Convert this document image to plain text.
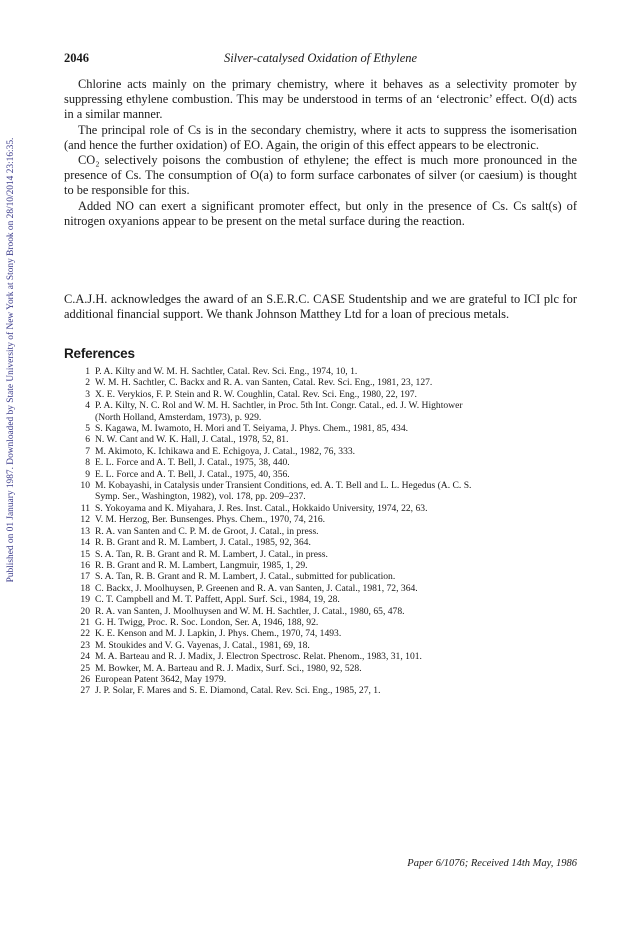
Published on 01 January 1987. Downloaded by State University of New York at Stony Brook on 28/10/2014 23:16:35.
2046	Silver-catalysed Oxidation of Ethylene

Chlorine acts mainly on the primary chemistry, where it behaves as a selectivity promoter by suppressing ethylene combustion. This may be understood in terms of an ‘electronic’ effect. O(d) acts in a similar manner.

The principal role of Cs is in the secondary chemistry, where it acts to suppress the isomerisation (and hence the further oxidation) of EO. Again, the origin of this effect appears to be electronic.

CO₂ selectively poisons the combustion of ethylene; the effect is much more pronounced in the presence of Cs. The consumption of O(a) to form surface carbonates of silver (or caesium) is thought to be responsible for this.

Added NO can exert a significant promoter effect, but only in the presence of Cs. Cs salt(s) of nitrogen oxyanions appear to be present on the metal surface during the reaction.

C.A.J.H. acknowledges the award of an S.E.R.C. CASE Studentship and we are grateful to ICI plc for additional financial support. We thank Johnson Matthey Ltd for a loan of precious metals.

References
1 P. A. Kilty and W. M. H. Sachtler, Catal. Rev. Sci. Eng., 1974, 10, 1.
2 W. M. H. Sachtler, C. Backx and R. A. van Santen, Catal. Rev. Sci. Eng., 1981, 23, 127.
3 X. E. Verykios, F. P. Stein and R. W. Coughlin, Catal. Rev. Sci. Eng., 1980, 22, 197.
4 P. A. Kilty, N. C. Rol and W. M. H. Sachtler, in Proc. 5th Int. Congr. Catal., ed. J. W. Hightower
(North Holland, Amsterdam, 1973), p. 929.
5 S. Kagawa, M. Iwamoto, H. Mori and T. Seiyama, J. Phys. Chem., 1981, 85, 434.
6 N. W. Cant and W. K. Hall, J. Catal., 1978, 52, 81.
7 M. Akimoto, K. Ichikawa and E. Echigoya, J. Catal., 1982, 76, 333.
8 E. L. Force and A. T. Bell, J. Catal., 1975, 38, 440.
9 E. L. Force and A. T. Bell, J. Catal., 1975, 40, 356.
10 M. Kobayashi, in Catalysis under Transient Conditions, ed. A. T. Bell and L. L. Hegedus (A. C. S.
Symp. Ser., Washington, 1982), vol. 178, pp. 209–237.
11 S. Yokoyama and K. Miyahara, J. Res. Inst. Catal., Hokkaido University, 1974, 22, 63.
12 V. M. Herzog, Ber. Bunsenges. Phys. Chem., 1970, 74, 216.
13 R. A. van Santen and C. P. M. de Groot, J. Catal., in press.
14 R. B. Grant and R. M. Lambert, J. Catal., 1985, 92, 364.
15 S. A. Tan, R. B. Grant and R. M. Lambert, J. Catal., in press.
16 R. B. Grant and R. M. Lambert, Langmuir, 1985, 1, 29.
17 S. A. Tan, R. B. Grant and R. M. Lambert, J. Catal., submitted for publication.
18 C. Backx, J. Moolhuysen, P. Greenen and R. A. van Santen, J. Catal., 1981, 72, 364.
19 C. T. Campbell and M. T. Paffett, Appl. Surf. Sci., 1984, 19, 28.
20 R. A. van Santen, J. Moolhuysen and W. M. H. Sachtler, J. Catal., 1980, 65, 478.
21 G. H. Twigg, Proc. R. Soc. London, Ser. A, 1946, 188, 92.
22 K. E. Kenson and M. J. Lapkin, J. Phys. Chem., 1970, 74, 1493.
23 M. Stoukides and V. G. Vayenas, J. Catal., 1981, 69, 18.
24 M. A. Barteau and R. J. Madix, J. Electron Spectrosc. Relat. Phenom., 1983, 31, 101.
25 M. Bowker, M. A. Barteau and R. J. Madix, Surf. Sci., 1980, 92, 528.
26 European Patent 3642, May 1979.
27 J. P. Solar, F. Mares and S. E. Diamond, Catal. Rev. Sci. Eng., 1985, 27, 1.
Paper 6/1076; Received 14th May, 1986
